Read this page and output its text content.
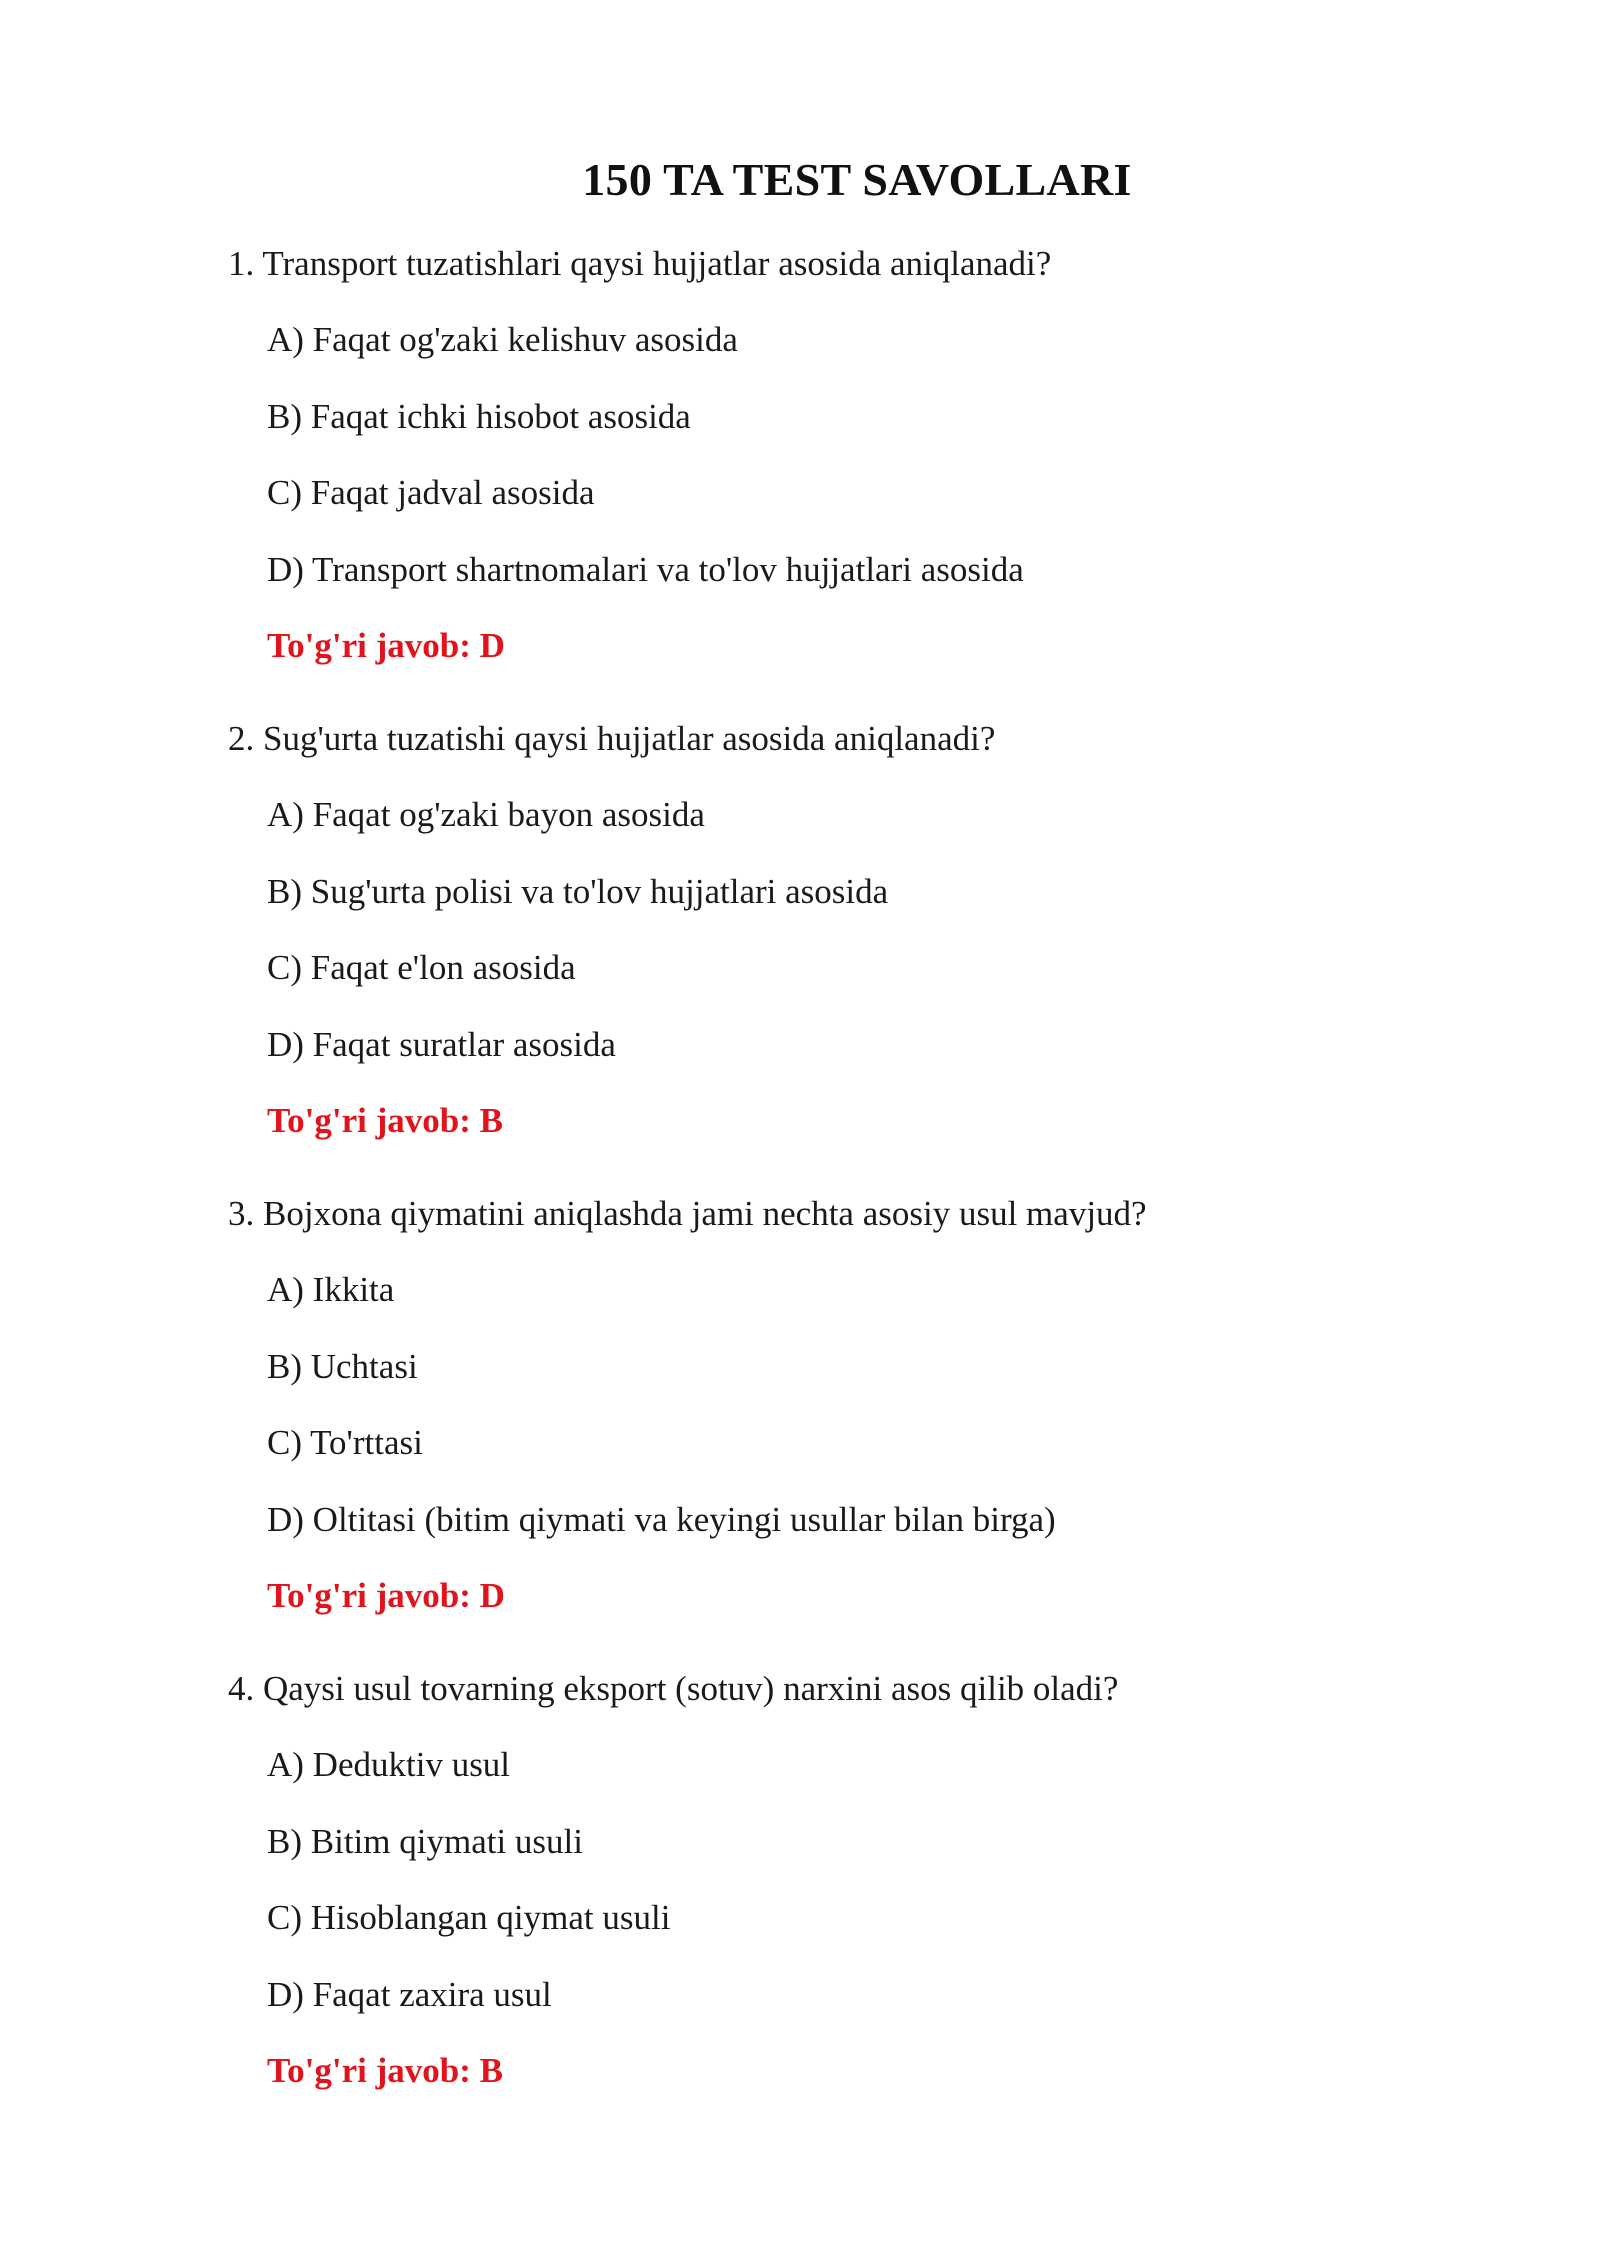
150 TA TEST SAVOLLARI
1. Transport tuzatishlari qaysi hujjatlar asosida aniqlanadi?
A) Faqat og'zaki kelishuv asosida
B) Faqat ichki hisobot asosida
C) Faqat jadval asosida
D) Transport shartnomalari va to'lov hujjatlari asosida
To'g'ri javob: D
2. Sug'urta tuzatishi qaysi hujjatlar asosida aniqlanadi?
A) Faqat og'zaki bayon asosida
B) Sug'urta polisi va to'lov hujjatlari asosida
C) Faqat e'lon asosida
D) Faqat suratlar asosida
To'g'ri javob: B
3. Bojxona qiymatini aniqlashda jami nechta asosiy usul mavjud?
A) Ikkita
B) Uchtasi
C) To'rttasi
D) Oltitasi (bitim qiymati va keyingi usullar bilan birga)
To'g'ri javob: D
4. Qaysi usul tovarning eksport (sotuv) narxini asos qilib oladi?
A) Deduktiv usul
B) Bitim qiymati usuli
C) Hisoblangan qiymat usuli
D) Faqat zaxira usul
To'g'ri javob: B
